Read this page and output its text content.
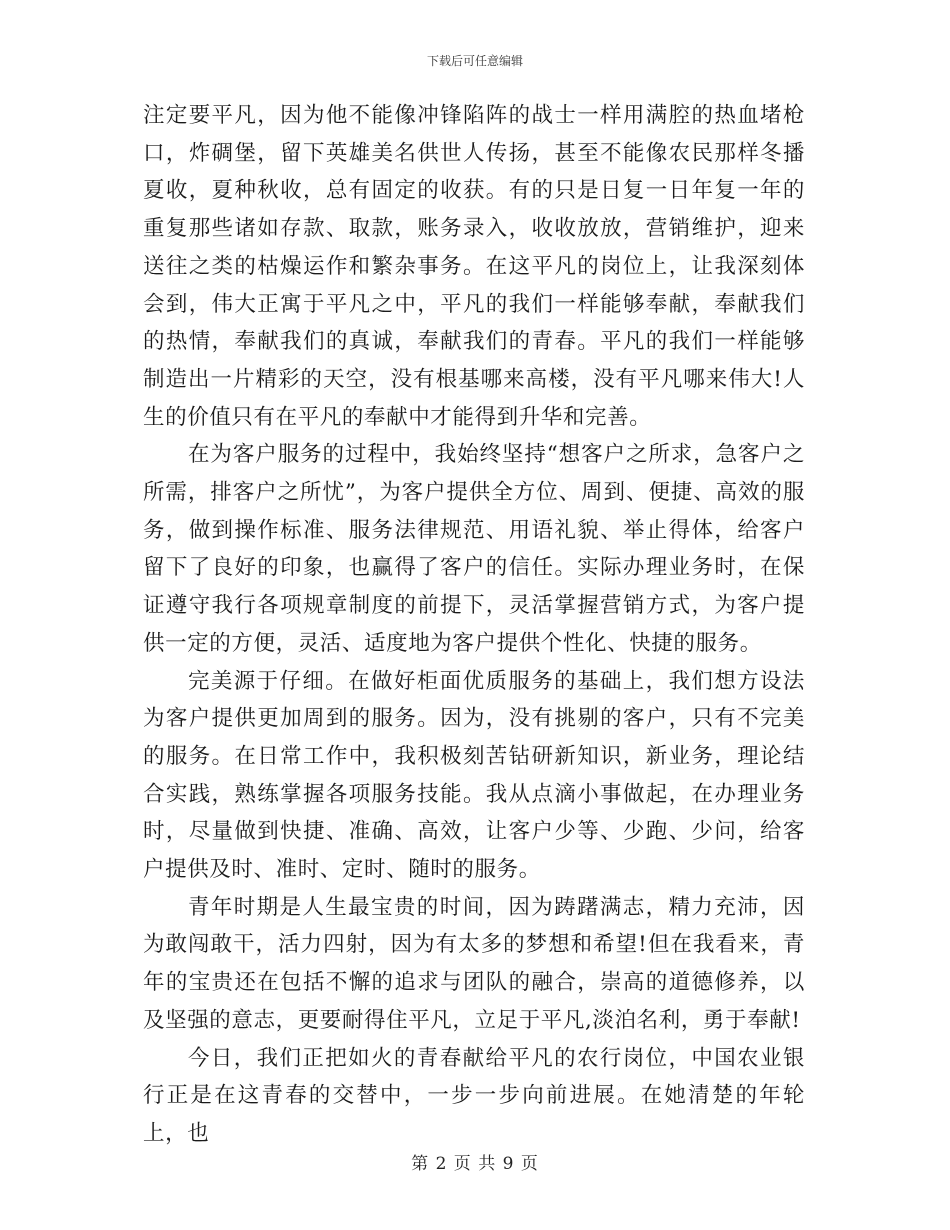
下载后可任意编辑

注定要平凡，因为他不能像冲锋陷阵的战士一样用满腔的热血堵枪口，炸碉堡，留下英雄美名供世人传扬，甚至不能像农民那样冬播夏收，夏种秋收，总有固定的收获。有的只是日复一日年复一年的重复那些诸如存款、取款，账务录入，收收放放，营销维护，迎来送往之类的枯燥运作和繁杂事务。在这平凡的岗位上，让我深刻体会到，伟大正寓于平凡之中，平凡的我们一样能够奉献，奉献我们的热情，奉献我们的真诚，奉献我们的青春。平凡的我们一样能够制造出一片精彩的天空，没有根基哪来高楼，没有平凡哪来伟大!人生的价值只有在平凡的奉献中才能得到升华和完善。

在为客户服务的过程中，我始终坚持“想客户之所求，急客户之所需，排客户之所忧”，为客户提供全方位、周到、便捷、高效的服务，做到操作标准、服务法律规范、用语礼貌、举止得体，给客户留下了良好的印象，也赢得了客户的信任。实际办理业务时，在保证遵守我行各项规章制度的前提下，灵活掌握营销方式，为客户提供一定的方便，灵活、适度地为客户提供个性化、快捷的服务。

完美源于仔细。在做好柜面优质服务的基础上，我们想方设法为客户提供更加周到的服务。因为，没有挑剔的客户，只有不完美的服务。在日常工作中，我积极刻苦钻研新知识，新业务，理论结合实践，熟练掌握各项服务技能。我从点滴小事做起，在办理业务时，尽量做到快捷、准确、高效，让客户少等、少跑、少问，给客户提供及时、准时、定时、随时的服务。

青年时期是人生最宝贵的时间，因为踌躇满志，精力充沛，因为敢闯敢干，活力四射，因为有太多的梦想和希望!但在我看来，青年的宝贵还在包括不懈的追求与团队的融合，崇高的道德修养，以及坚强的意志，更要耐得住平凡，立足于平凡,淡泊名利，勇于奉献!

今日，我们正把如火的青春献给平凡的农行岗位，中国农业银行正是在这青春的交替中，一步一步向前进展。在她清楚的年轮上，也

第 2 页 共 9 页
